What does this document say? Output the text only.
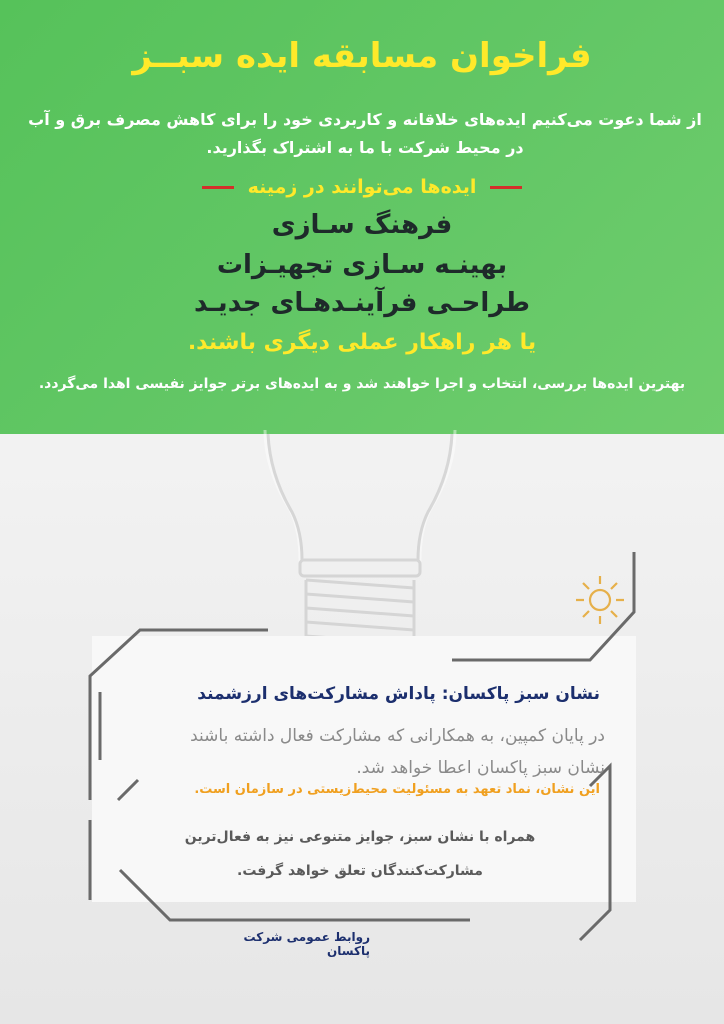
فراخوان مسابقه ایده سبــز
از شما دعوت می‌کنیم ایده‌های خلاقانه و کاربردی خود را برای کاهش مصرف برق و آب
در محیط شرکت با ما به اشتراک بگذارید.
ایده‌ها می‌توانند در زمینه
فرهنگ سـازی
بهینـه سـازی تجهیـزات
طراحـی فرآینـدهـای جدیـد
یا هر راهکار عملی دیگری باشند.
بهترین ایده‌ها بررسی، انتخاب و اجرا خواهند شد و به ایده‌های برتر جوایز نفیسی اهدا می‌گردد.
نشان سبز پاکسان: پاداش مشارکت‌های ارزشمند
در پایان کمپین، به همکارانی که مشارکت فعال داشته باشند
نشان سبز پاکسان اعطا خواهد شد.
این نشان، نماد تعهد به مسئولیت محیط‌زیستی در سازمان است.
همراه با نشان سبز، جوایز متنوعی نیز به فعال‌ترین
مشارکت‌کنندگان تعلق خواهد گرفت.
روابط عمومی شرکت پاکسان
